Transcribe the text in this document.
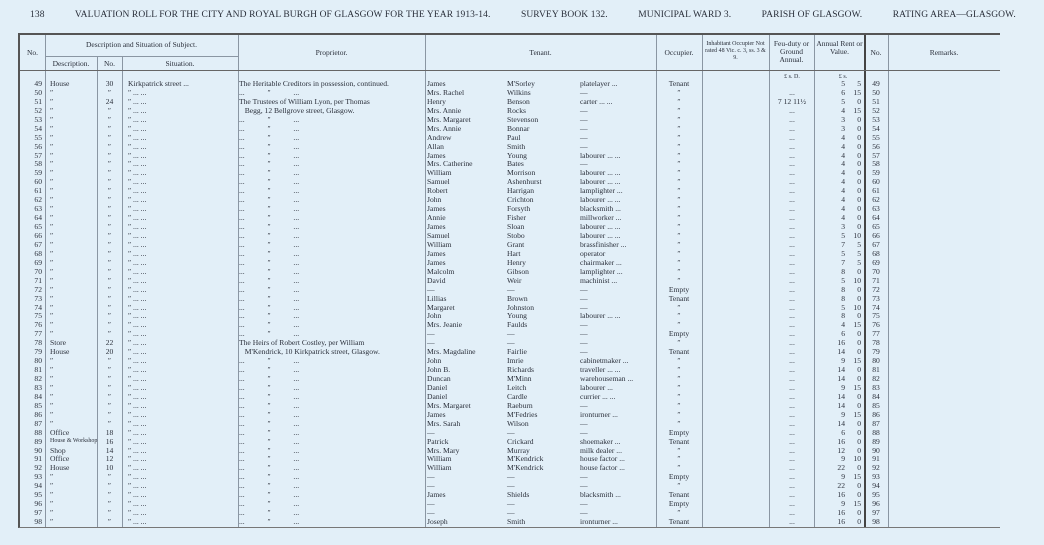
138	VALUATION ROLL FOR THE CITY AND ROYAL BURGH OF GLASGOW FOR THE YEAR 1913-14.	SURVEY BOOK 132.	MUNICIPAL WARD 3.	PARISH OF GLASGOW.	RATING AREA—GLASGOW.
No.
Description and Situation of Subject.
Description.	No.	Situation.
Proprietor.	Tenant.	Occupier.
Inhabitant Occupier Not rated 48 Vic. c. 3, ss. 3 & 9.
Feu-duty or Ground Annual.
Annual Rent or Value.	No.	Remarks.
£ s. D.	£ s.
49 House	30	Kirkpatrick street ...	The Heritable Creditors in possession, continued.	James	M'Sorley	platelayer ...	Tenant	5	5	49
50 ″	″	″ ... ...	...            ″            ...	Mrs. Rachel	Wilkins	—	″	...	6	15	50
51 ″	24	″ ... ...	The Trustees of William Lyon, per Thomas	Henry	Benson	carter ... ...	″	7 12 11½	5	0	51
52 ″	″	″ ... ...	Begg, 12 Bellgrove street, Glasgow.	Mrs. Annie	Rocks	—	″	...	4	15	52
53 ″	″	″ ... ...	...            ″            ...	Mrs. Margaret	Stevenson	—	″	...	3	0	53
54 ″	″	″ ... ...	...            ″            ...	Mrs. Annie	Bonnar	—	″	...	3	0	54
55 ″	″	″ ... ...	...            ″            ...	Andrew	Paul	—	″	...	4	0	55
56 ″	″	″ ... ...	...            ″            ...	Allan	Smith	—	″	...	4	0	56
57 ″	″	″ ... ...	...            ″            ...	James	Young	labourer ... ...	″	...	4	0	57
58 ″	″	″ ... ...	...            ″            ...	Mrs. Catherine	Bates	—	″	...	4	0	58
59 ″	″	″ ... ...	...            ″            ...	William	Morrison	labourer ... ...	″	...	4	0	59
60 ″	″	″ ... ...	...            ″            ...	Samuel	Ashenhurst	labourer ... ...	″	...	4	0	60
61 ″	″	″ ... ...	...            ″            ...	Robert	Harrigan	lamplighter ...	″	...	4	0	61
62 ″	″	″ ... ...	...            ″            ...	John	Crichton	labourer ... ...	″	...	4	0	62
63 ″	″	″ ... ...	...            ″            ...	James	Forsyth	blacksmith ...	″	...	4	0	63
64 ″	″	″ ... ...	...            ″            ...	Annie	Fisher	millworker ...	″	...	4	0	64
65 ″	″	″ ... ...	...            ″            ...	James	Sloan	labourer ... ...	″	...	3	0	65
66 ″	″	″ ... ...	...            ″            ...	Samuel	Stobo	labourer ... ...	″	...	5	10	66
67 ″	″	″ ... ...	...            ″            ...	William	Grant	brassfinisher ...	″	...	7	5	67
68 ″	″	″ ... ...	...            ″            ...	James	Hart	operator	″	...	5	5	68
69 ″	″	″ ... ...	...            ″            ...	James	Henry	chairmaker ...	″	...	7	5	69
70 ″	″	″ ... ...	...            ″            ...	Malcolm	Gibson	lamplighter ...	″	...	8	0	70
71 ″	″	″ ... ...	...            ″            ...	David	Weir	machinist ...	″	...	5	10	71
72 ″	″	″ ... ...	...            ″            ...	—	—	—	Empty	...	8	0	72
73 ″	″	″ ... ...	...            ″            ...	Lillias	Brown	—	Tenant	...	8	0	73
74 ″	″	″ ... ...	...            ″            ...	Margaret	Johnston	—	″	...	5	10	74
75 ″	″	″ ... ...	...            ″            ...	John	Young	labourer ... ...	″	...	8	0	75
76 ″	″	″ ... ...	...            ″            ...	Mrs. Jeanie	Faulds	—	″	...	4	15	76
77 ″	″	″ ... ...	...            ″            ...	—	—	—	Empty	...	6	0	77
78 Store	22	″ ... ...	The Heirs of Robert Costley, per William	—	—	—	″	...	16	0	78
79 House	20	″ ... ...	M'Kendrick, 10 Kirkpatrick street, Glasgow.	Mrs. Magdaline	Fairlie	—	Tenant	...	14	0	79
80 ″	″	″ ... ...	...            ″            ...	John	Imrie	cabinetmaker ...	″	...	9	15	80
81 ″	″	″ ... ...	...            ″            ...	John B.	Richards	traveller ... ...	″	...	14	0	81
82 ″	″	″ ... ...	...            ″            ...	Duncan	M'Minn	warehouseman ...	″	...	14	0	82
83 ″	″	″ ... ...	...            ″            ...	Daniel	Leitch	labourer ...	″	...	9	15	83
84 ″	″	″ ... ...	...            ″            ...	Daniel	Cardle	currier ... ...	″	...	14	0	84
85 ″	″	″ ... ...	...            ″            ...	Mrs. Margaret	Raeburn	—	″	...	14	0	85
86 ″	″	″ ... ...	...            ″            ...	James	M'Fedries	ironturner ...	″	...	9	15	86
87 ″	″	″ ... ...	...            ″            ...	Mrs. Sarah	Wilson	—	″	...	14	0	87
88 Office	18	″ ... ...	...            ″            ...	—	—	—	Empty	...	6	0	88
89 House & Workshop	16	″ ... ...	...            ″            ...	Patrick	Crickard	shoemaker ...	Tenant	...	16	0	89
90 Shop	14	″ ... ...	...            ″            ...	Mrs. Mary	Murray	milk dealer ...	″	...	12	0	90
91 Office	12	″ ... ...	...            ″            ...	William	M'Kendrick	house factor ...	″	...	9	10	91
92 House	10	″ ... ...	...            ″            ...	William	M'Kendrick	house factor ...	″	...	22	0	92
93 ″	″	″ ... ...	...            ″            ...	—	—	—	Empty	...	9	15	93
94 ″	″	″ ... ...	...            ″            ...	—	—	—	″	...	22	0	94
95 ″	″	″ ... ...	...            ″            ...	James	Shields	blacksmith ...	Tenant	...	16	0	95
96 ″	″	″ ... ...	...            ″            ...	—	—	—	Empty	...	9	15	96
97 ″	″	″ ... ...	...            ″            ...	—	—	—	″	...	16	0	97
98 ″	″	″ ... ...	...            ″            ...	Joseph	Smith	ironturner ...	Tenant	...	16	0	98
